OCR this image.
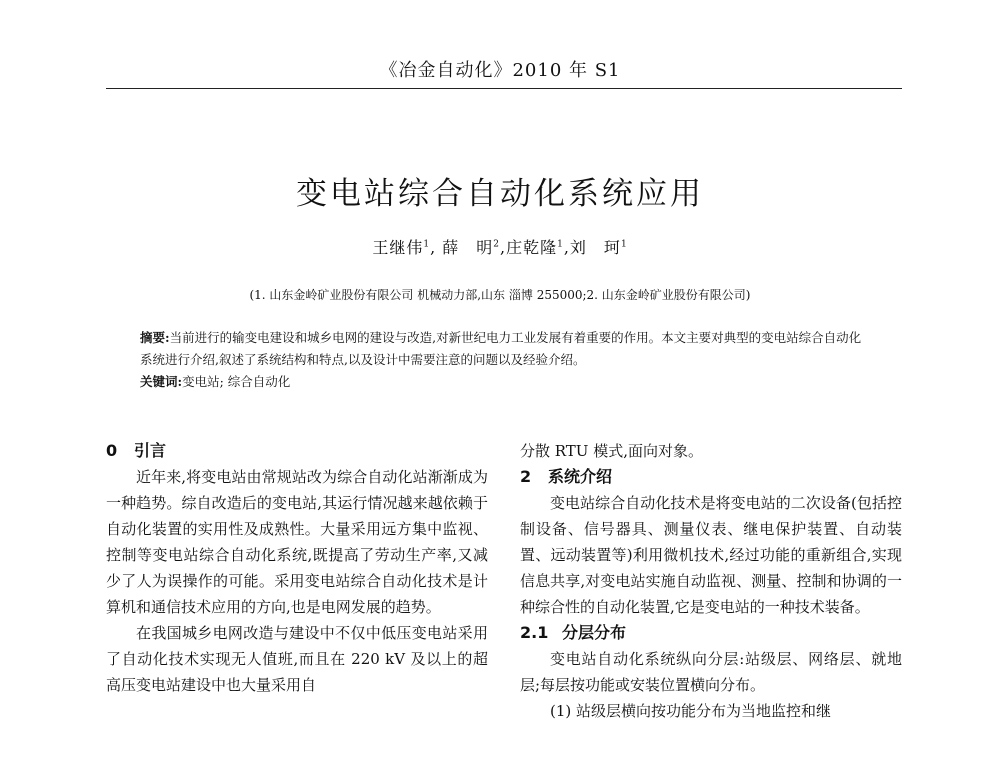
《冶金自动化》2010 年 S1
变电站综合自动化系统应用
王继伟$^1$, 薛　明$^2$,庄乾隆$^1$,刘　珂$^1$
(1. 山东金岭矿业股份有限公司 机械动力部,山东 淄博 255000;2. 山东金岭矿业股份有限公司)

摘要:当前进行的输变电建设和城乡电网的建设与改造,对新世纪电力工业发展有着重要的作用。本文主要对典型的变电站综合自动化系统进行介绍,叙述了系统结构和特点,以及设计中需要注意的问题以及经验介绍。

关键词:变电站; 综合自动化

0 引言

近年来,将变电站由常规站改为综合自动化站渐渐成为一种趋势。综自改造后的变电站,其运行情况越来越依赖于自动化装置的实用性及成熟性。大量采用远方集中监视、控制等变电站综合自动化系统,既提高了劳动生产率,又减少了人为误操作的可能。采用变电站综合自动化技术是计算机和通信技术应用的方向,也是电网发展的趋势。

在我国城乡电网改造与建设中不仅中低压变电站采用了自动化技术实现无人值班,而且在 220 kV 及以上的超高压变电站建设中也大量采用自

分散 RTU 模式,面向对象。

2 系统介绍

变电站综合自动化技术是将变电站的二次设备(包括控制设备、信号器具、测量仪表、继电保护装置、自动装置、远动装置等)利用微机技术,经过功能的重新组合,实现信息共享,对变电站实施自动监视、测量、控制和协调的一种综合性的自动化装置,它是变电站的一种技术装备。

2.1 分层分布

变电站自动化系统纵向分层:站级层、网络层、就地层;每层按功能或安装位置横向分布。

(1) 站级层横向按功能分布为当地监控和继
